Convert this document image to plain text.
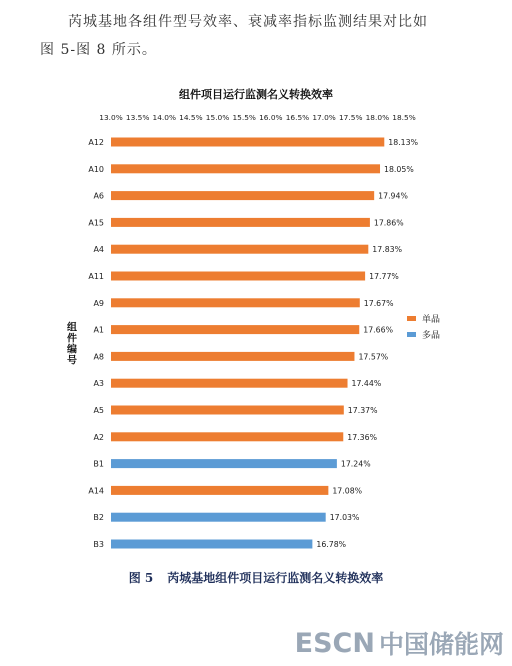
芮城基地各组件型号效率、衰减率指标监测结果对比如

图 5-图 8 所示。

组件项目运行监测名义转换效率
组
件
编
号
13.0% 13.5% 14.0% 14.5% 15.0% 15.5% 16.0% 16.5% 17.0% 17.5% 18.0% 18.5%
A12	18.13%
A10	18.05%
A6	17.94%
A15	17.86%
A4	17.83%
A11	17.77%
A9	17.67%
A1	17.66%
A8	17.57%
A3	17.44%
A5	17.37%
A2	17.36%
B1	17.24%
A14	17.08%
B2	17.03%
B3	16.78%
单晶
多晶
图 5 芮城基地组件项目运行监测名义转换效率
ESCN 中国储能网
